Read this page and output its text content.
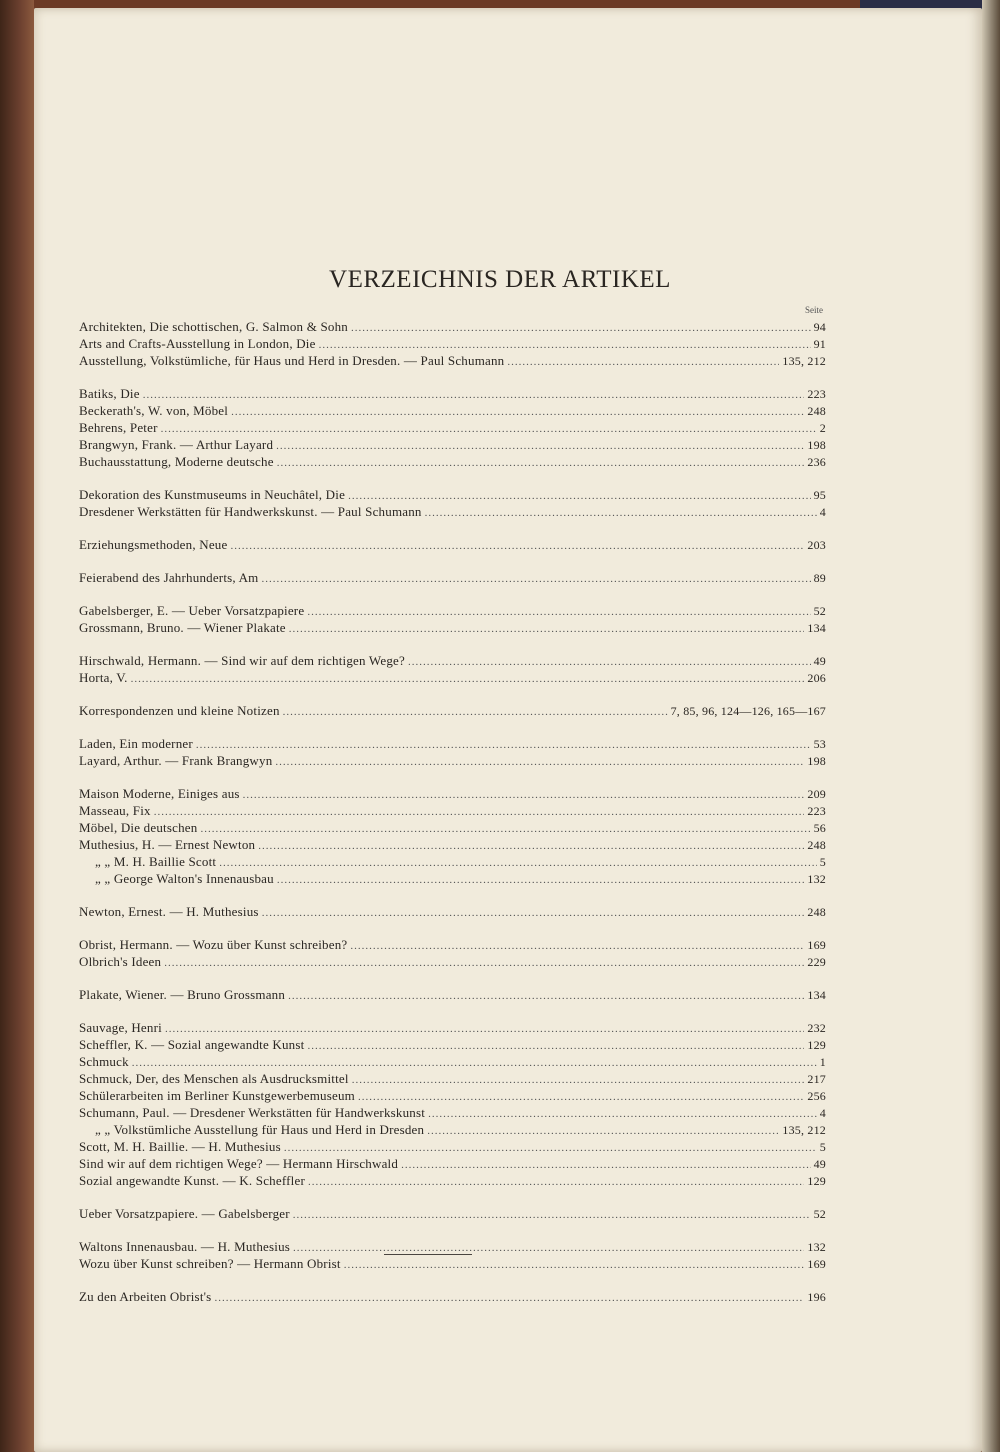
VERZEICHNIS DER ARTIKEL
Seite
Architekten, Die schottischen, G. Salmon & Sohn .....	94
Arts and Crafts-Ausstellung in London, Die .....	91
Ausstellung, Volkstümliche, für Haus und Herd in Dresden. — Paul Schumann .....	135, 212
Batiks, Die .....	223
Beckerath's, W. von, Möbel .....	248
Behrens, Peter .....	2
Brangwyn, Frank. — Arthur Layard .....	198
Buchausstattung, Moderne deutsche .....	236
Dekoration des Kunstmuseums in Neuchâtel, Die .....	95
Dresdener Werkstätten für Handwerkskunst. — Paul Schumann .....	4
Erziehungsmethoden, Neue .....	203
Feierabend des Jahrhunderts, Am .....	89
Gabelsberger, E. — Ueber Vorsatzpapiere .....	52
Grossmann, Bruno. — Wiener Plakate .....	134
Hirschwald, Hermann. — Sind wir auf dem richtigen Wege? .....	49
Horta, V. .....	206
Korrespondenzen und kleine Notizen .....	7, 85, 96, 124—126, 165—167
Laden, Ein moderner .....	53
Layard, Arthur. — Frank Brangwyn .....	198
Maison Moderne, Einiges aus .....	209
Masseau, Fix .....	223
Möbel, Die deutschen .....	56
Muthesius, H. — Ernest Newton .....	248
„ „ M. H. Baillie Scott .....	5
„ „ George Walton's Innenausbau .....	132
Newton, Ernest. — H. Muthesius .....	248
Obrist, Hermann. — Wozu über Kunst schreiben? .....	169
Olbrich's Ideen .....	229
Plakate, Wiener. — Bruno Grossmann .....	134
Sauvage, Henri .....	232
Scheffler, K. — Sozial angewandte Kunst .....	129
Schmuck .....	1
Schmuck, Der, des Menschen als Ausdrucksmittel .....	217
Schülerarbeiten im Berliner Kunstgewerbemuseum .....	256
Schumann, Paul. — Dresdener Werkstätten für Handwerkskunst .....	4
„ „ Volkstümliche Ausstellung für Haus und Herd in Dresden .....	135, 212
Scott, M. H. Baillie. — H. Muthesius .....	5
Sind wir auf dem richtigen Wege? — Hermann Hirschwald .....	49
Sozial angewandte Kunst. — K. Scheffler .....	129
Ueber Vorsatzpapiere. — Gabelsberger .....	52
Waltons Innenausbau. — H. Muthesius .....	132
Wozu über Kunst schreiben? — Hermann Obrist .....	169
Zu den Arbeiten Obrist's .....	196
